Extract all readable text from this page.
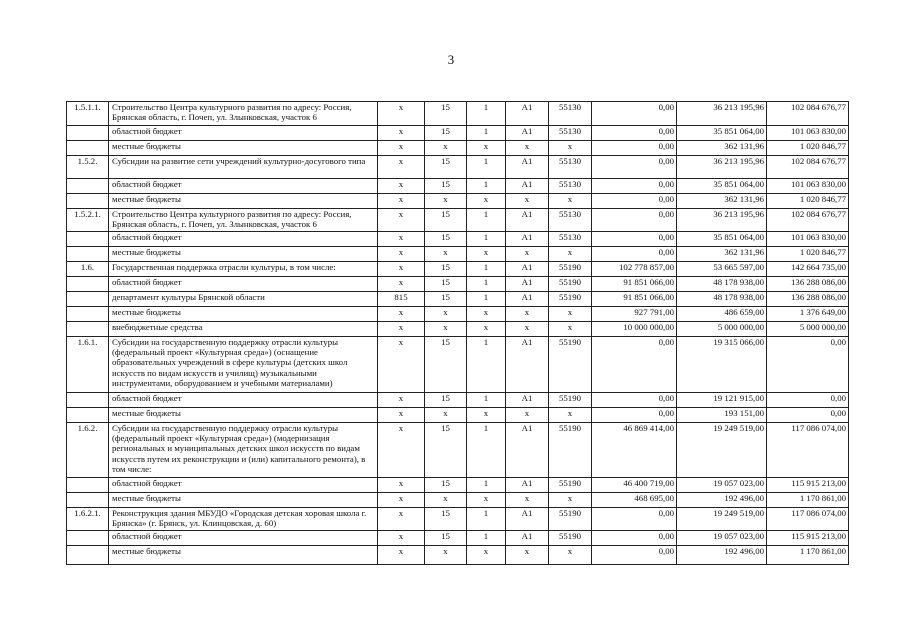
3
1.5.1.1.	Строительство Центра культурного развития по адресу: Россия, Брянская область, г. Почеп, ул. Злынковская, участок 6	x	15	1	A1	55130	0,00	36 213 195,96	102 084 676,77
	областной бюджет	x	15	1	A1	55130	0,00	35 851 064,00	101 063 830,00
	местные бюджеты	x	x	x	x	x	0,00	362 131,96	1 020 846,77
1.5.2.	Субсидии на развитие сети учреждений культурно-досугового типа	x	15	1	A1	55130	0,00	36 213 195,96	102 084 676,77
	областной бюджет	x	15	1	A1	55130	0,00	35 851 064,00	101 063 830,00
	местные бюджеты	x	x	x	x	x	0,00	362 131,96	1 020 846,77
1.5.2.1.	Строительство Центра культурного развития по адресу: Россия, Брянская область, г. Почеп, ул. Злынковская, участок 6	x	15	1	A1	55130	0,00	36 213 195,96	102 084 676,77
	областной бюджет	x	15	1	A1	55130	0,00	35 851 064,00	101 063 830,00
	местные бюджеты	x	x	x	x	x	0,00	362 131,96	1 020 846,77
1.6.	Государственная поддержка отрасли культуры, в том числе:	x	15	1	A1	55190	102 778 857,00	53 665 597,00	142 664 735,00
	областной бюджет	x	15	1	A1	55190	91 851 066,00	48 178 938,00	136 288 086,00
	департамент культуры Брянской области	815	15	1	A1	55190	91 851 066,00	48 178 938,00	136 288 086,00
	местные бюджеты	x	x	x	x	x	927 791,00	486 659,00	1 376 649,00
	внебюджетные средства	x	x	x	x	x	10 000 000,00	5 000 000,00	5 000 000,00
1.6.1.	Субсидии на государственную поддержку отрасли культуры (федеральный проект «Культурная среда») (оснащение образовательных учреждений в сфере культуры (детских школ искусств по видам искусств и училищ) музыкальными инструментами, оборудованием и учебными материалами)	x	15	1	A1	55190	0,00	19 315 066,00	0,00
	областной бюджет	x	15	1	A1	55190	0,00	19 121 915,00	0,00
	местные бюджеты	x	x	x	x	x	0,00	193 151,00	0,00
1.6.2.	Субсидии на государственную поддержку отрасли культуры (федеральный проект «Культурная среда») (модернизация региональных и муниципальных детских школ искусств по видам искусств путем их реконструкции и (или) капитального ремонта), в том числе:	x	15	1	A1	55190	46 869 414,00	19 249 519,00	117 086 074,00
	областной бюджет	x	15	1	A1	55190	46 400 719,00	19 057 023,00	115 915 213,00
	местные бюджеты	x	x	x	x	x	468 695,00	192 496,00	1 170 861,00
1.6.2.1.	Реконструкция здания МБУДО «Городская детская хоровая школа г. Брянска» (г. Брянск, ул. Клинцовская, д. 60)	x	15	1	A1	55190	0,00	19 249 519,00	117 086 074,00
	областной бюджет	x	15	1	A1	55190	0,00	19 057 023,00	115 915 213,00
	местные бюджеты	x	x	x	x	x	0,00	192 496,00	1 170 861,00
